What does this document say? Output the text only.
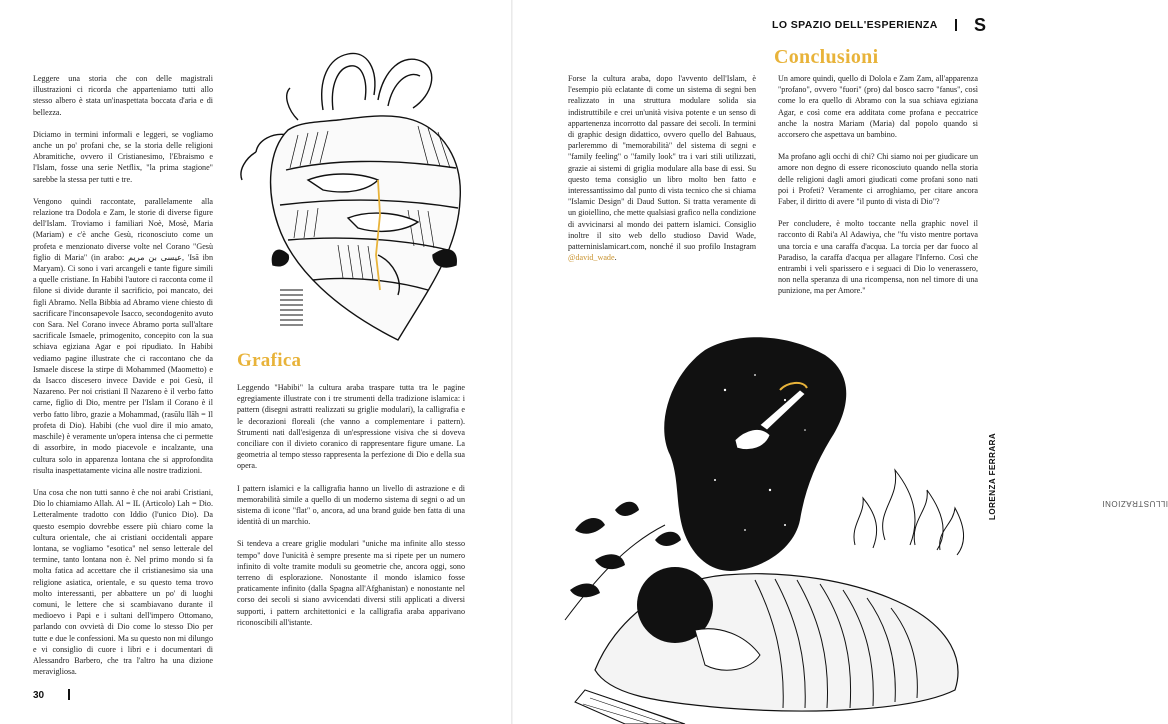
LO SPAZIO DELL'ESPERIENZA S

Leggere una storia che con delle magistrali illustrazioni ci ricorda che apparteniamo tutti allo stesso albero è stata un'inaspettata boccata d'aria e di bellezza.

Diciamo in termini informali e leggeri, se vogliamo anche un po' profani che, se la storia delle religioni Abramitiche, ovvero il Cristianesimo, l'Ebraismo e l'Islam, fosse una serie Netflix, "la prima stagione" sarebbe la stessa per tutti e tre.

Vengono quindi raccontate, parallelamente alla relazione tra Dodola e Zam, le storie di diverse figure dell'Islam. Troviamo i familiari Noè, Mosè, Maria (Mariam) e c'è anche Gesù, riconosciuto come un profeta e menzionato diverse volte nel Corano "Gesù figlio di Maria" (in arabo: عيسى بن مريم, 'Isā ibn Maryam). Ci sono i vari arcangeli e tante figure simili a quelle cristiane. In Habibi l'autore ci racconta come il filone si divide durante il sacrificio, poi mancato, dei figli Abramo. Nella Bibbia ad Abramo viene chiesto di sacrificare l'inconsapevole Isacco, secondogenito avuto con Sara. Nel Corano invece Abramo porta sull'altare sacrificale Ismaele, primogenito, concepito con la sua schiava egiziana Agar e poi ripudiato. In Habibi vediamo pagine illustrate che ci raccontano che da Ismaele discese la stirpe di Mohammed (Maometto) e da Isacco discesero invece Davide e poi Gesù, il Nazareno. Per noi cristiani Il Nazareno è il verbo fatto carne, figlio di Dio, mentre per l'Islam il Corano è il verbo fatto libro, grazie a Mohammad, (rasūlu llāh = Il profeta di Dio). Habibi (che vuol dire il mio amato, maschile) è veramente un'opera intensa che ci permette di assorbire, in modo piacevole e incalzante, una cultura solo in apparenza lontana che si approfondita risulta inaspettatamente vicina alle nostre tradizioni.

Una cosa che non tutti sanno è che noi arabi Cristiani, Dio lo chiamiamo Allah. Al = IL (Articolo) Lah = Dio. Letteralmente tradotto con Iddio (l'unico Dio). Da questo esempio dovrebbe essere più chiaro come la cultura orientale, che ai cristiani occidentali appare lontana, se vogliamo "esotica" nel senso letterale del termine, tanto lontana non è. Nel primo mondo si fa molta fatica ad accettare che il cristianesimo sia una religione asiatica, orientale, e su questo tema trovo molto interessanti, per abbattere un po' di luoghi comuni, le lettere che si scambiavano durante il medioevo i Papi e i sultani dell'impero Ottomano, parlando con ovvietà di Dio come lo stesso Dio per tutte e due le confessioni. Ma su questo non mi dilungo e vi consiglio di cuore i libri e i documentari di Alessandro Barbero, che tra l'altro ha una dizione meravigliosa.

Grafica

Leggendo "Habibi" la cultura araba traspare tutta tra le pagine egregiamente illustrate con i tre strumenti della tradizione islamica: i pattern (disegni astratti realizzati su griglie modulari), la calligrafia e le decorazioni floreali (che vanno a complementare i pattern). Strumenti nati dall'esigenza di un'espressione visiva che si doveva conciliare con il divieto coranico di rappresentare figure umane. La geometria al tempo stesso rappresenta la perfezione di Dio e della sua opera.

I pattern islamici e la calligrafia hanno un livello di astrazione e di memorabilità simile a quello di un moderno sistema di segni o ad un sistema di icone "flat" o, ancora, ad una brand guide ben fatta di una identità di un marchio.

Si tendeva a creare griglie modulari "uniche ma infinite allo stesso tempo" dove l'unicità è sempre presente ma si ripete per un numero infinito di volte tramite moduli su geometrie che, ancora oggi, sono terreno di esplorazione. Nonostante il mondo islamico fosse praticamente infinito (dalla Spagna all'Afghanistan) e nonostante nel corso dei secoli si siano avvicendati diversi stili applicati a diversi supporti, i pattern architettonici e la calligrafia araba apparivano riconoscibili all'istante.

Forse la cultura araba, dopo l'avvento dell'Islam, è l'esempio più eclatante di come un sistema di segni ben realizzato in una struttura modulare solida sia indistruttibile e crei un'unità visiva potente e un senso di appartenenza incorrotto dal passare dei secoli. In termini di graphic design didattico, ovvero quello del Bahuaus, parleremmo di "memorabilità" del sistema di segni e "family feeling" o "family look" tra i vari stili utilizzati, grazie ai sistemi di griglia modulare alla base di essi. Su questo tema consiglio un libro molto ben fatto e interessantissimo dal punto di vista tecnico che si chiama "Islamic Design" di Daud Sutton. Si tratta veramente di un gioiellino, che mette qualsiasi grafico nella condizione di avvicinarsi al mondo dei pattern islamici. Consiglio inoltre il sito web dello studioso David Wade, patterninislamicart.com, nonché il suo profilo Instagram @david_wade.

Conclusioni

Un amore quindi, quello di Dolola e Zam Zam, all'apparenza "profano", ovvero "fuori" (pro) dal bosco sacro "fanus", così come lo era quello di Abramo con la sua schiava egiziana Agar, e così come era additata come profana e peccatrice anche la nostra Mariam (Maria) dal popolo quando si accorsero che aspettava un bambino.

Ma profano agli occhi di chi? Chi siamo noi per giudicare un amore non degno di essere riconosciuto quando nella storia delle religioni dagli amori giudicati come profani sono nati poi i Profeti? Veramente ci arroghiamo, per citare ancora Faber, il diritto di avere "il punto di vista di Dio"?

Per concludere, è molto toccante nella graphic novel il racconto di Rabi'a Al Adawiya, che "fu visto mentre portava una torcia e una caraffa d'acqua. La torcia per dar fuoco al Paradiso, la caraffa d'acqua per allagare l'Inferno. Così che entrambi i veli sparissero e i seguaci di Dio lo venerassero, non nella speranza di una ricompensa, non nel timore di una punizione, ma per Amore."

ILLUSTRAZIONI
LORENZA FERRARA
30
